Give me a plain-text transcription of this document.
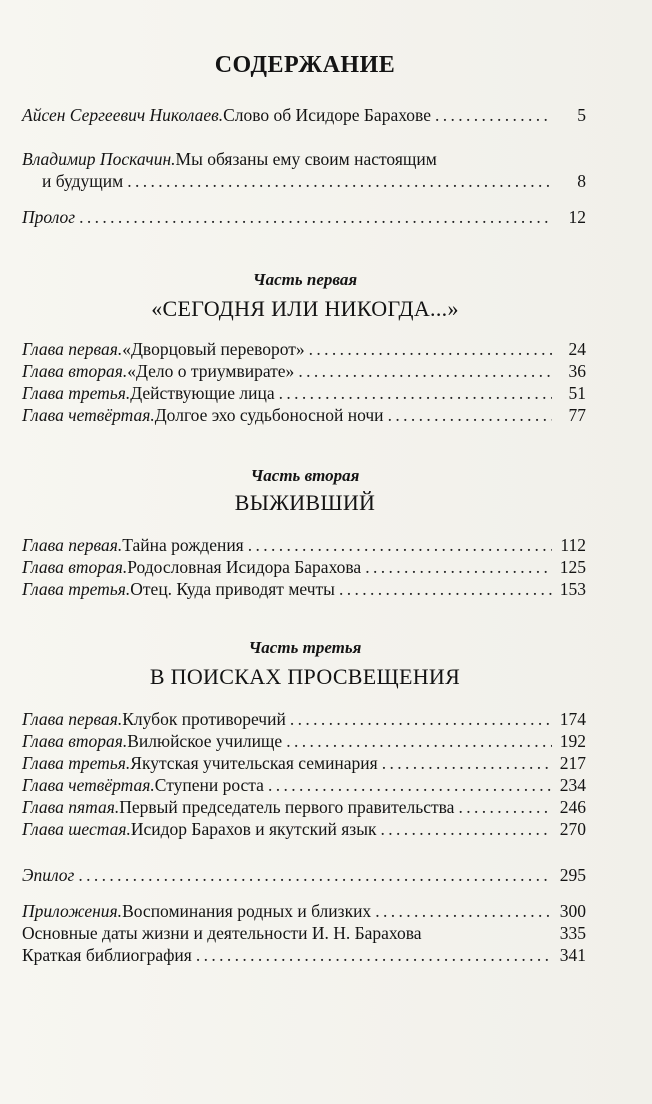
СОДЕРЖАНИЕ
Айсен Сергеевич Николаев. Слово об Исидоре Барахове . . .	5
Владимир Поскачин. Мы обязаны ему своим настоящим
и будущим . . .	8
Пролог . . .	12
Часть первая
«СЕГОДНЯ ИЛИ НИКОГДА...»
Глава первая. «Дворцовый переворот» . . .	24
Глава вторая. «Дело о триумвирате» . . .	36
Глава третья. Действующие лица . . .	51
Глава четвёртая. Долгое эхо судьбоносной ночи . . .	77
Часть вторая
ВЫЖИВШИЙ
Глава первая. Тайна рождения . . .	112
Глава вторая. Родословная Исидора Барахова . . .	125
Глава третья. Отец. Куда приводят мечты . . .	153
Часть третья
В ПОИСКАХ ПРОСВЕЩЕНИЯ
Глава первая. Клубок противоречий . . .	174
Глава вторая. Вилюйское училище . . .	192
Глава третья. Якутская учительская семинария . . .	217
Глава четвёртая. Ступени роста . . .	234
Глава пятая. Первый председатель первого правительства . . .	246
Глава шестая. Исидор Барахов и якутский язык . . .	270
Эпилог . . .	295
Приложения. Воспоминания родных и близких . . .	300
Основные даты жизни и деятельности И. Н. Барахова	335
Краткая библиография . . .	341
